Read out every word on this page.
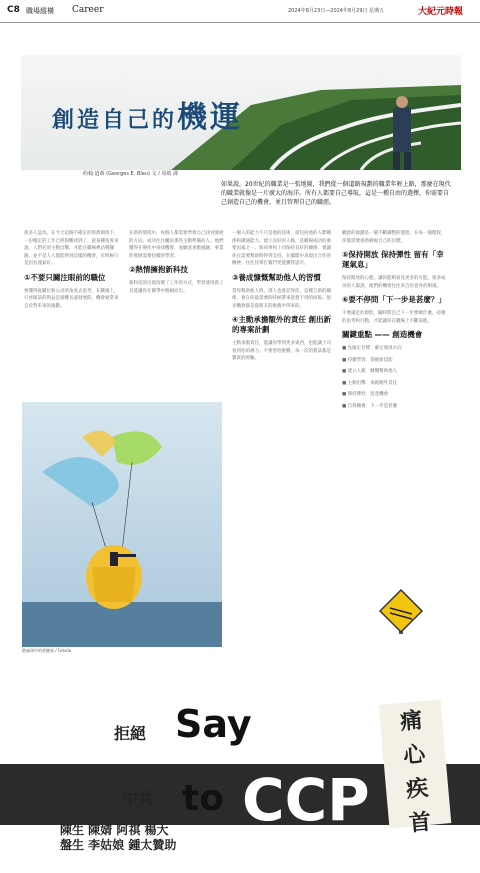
C8 職場縱橫 Career	2024年8月23日—2024年8月29日 星期五	大紀元時報
創造自己的機運
約翰·道森 (Georges E. Bleu) 文 / 周婧 譯
如果說，20世紀的職業是一張地圖，我們從一個道路規劃的職業年輕上路，那麼在現代的職業就像是一片廣大的海洋。所有人都要自己導航，這是一種自由的選擇，你需要自己創造自己的機會，並且管理自己的職涯。

很多人認為，在今天這個不確定的經濟環境下，一份穩定的工作已經很難找到了。從某種角度來說，人們必須主動出擊，才能在職場裡站穩腳跟。並不是人人都能得到這樣的機會，有時候只是因為運氣好。

①不要只關注眼前的職位

要懂得從職位和公司的角度去思考。在職場上，只看眼前的利益是很難長遠發展的。機會通常來自於對未來的規劃。

在新的環境中，每個人都需要學會自己找到發展的方向。成功往往屬於那些主動準備的人。他們懂得在變化中尋找機會，並願意承擔風險。事業的發展需要持續的學習。

②熱情擁抱新科技

新科技的出現改變了工作的方式，學習使用新工具能讓你在競爭中脫穎而出。

一個人的能力不只是他的技術，還包括他的人際關係和溝通能力。建立良好的人脈，是職場成功的重要因素之一。與同事和上司保持良好的關係，會讓你在需要幫助時得到支持。在團隊中表現出合作的精神，往往比單打獨鬥更能獲得認可。

③養成慷慨幫助他人的習慣

當你幫助他人時，別人也會記得你。這種互助的關係，會在你最需要的時候帶來意想不到的回報。很多機會都是從朋友的推薦中得來的。

④主動承擔額外的責任 創出新的專案計劃

主動承擔責任，能讓你學到更多東西，也能讓上司看到你的潛力。不要害怕挑戰，每一次的嘗試都是寶貴的經驗。

職涯的規劃是一個不斷調整的過程。在每一個階段，你都需要重新檢視自己的目標。

⑤保持開放 保持彈性 留有「幸運氣息」

保持開放的心態，讓你能夠看見更多的可能。很多成功的人都說，他們的機會往往來自於意外的相遇。

⑥要不停問「下一步是甚麼？」

不要滿足於現狀，隨時問自己下一步要做什麼。持續的思考和行動，才能讓你在職場上不斷前進。

關鍵重點 —— 創造機會

■ 先擬定目標：確定發展方向

■ 持續學習：掌握新技能

■ 建立人脈：慷慨幫助他人

■ 主動出擊：承擔額外責任

■ 保持彈性：留意機會

■ 自我檢視：下一步是甚麼

熱氣球中的冒險家 / Fotolia
拒絕 Say NO
中共 to CCP
痛
心
疾
首
陳生 陳婧 阿祺 楊大
盤生 李姑娘 鍾太贊助
